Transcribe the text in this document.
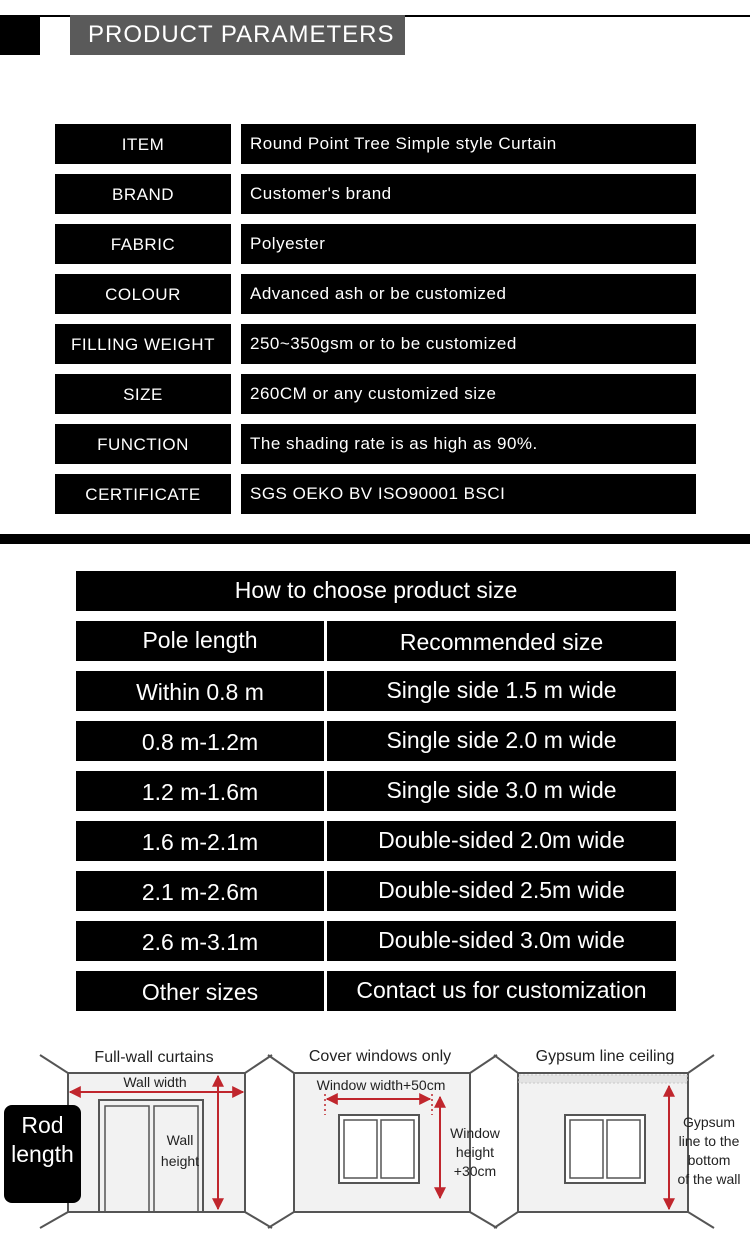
PRODUCT PARAMETERS
ITEM	Round Point Tree Simple style Curtain
BRAND	Customer's brand
FABRIC	Polyester
COLOUR	Advanced ash or be customized
FILLING WEIGHT	250~350gsm or to be customized
SIZE	260CM or any customized size
FUNCTION	The shading rate is as high as 90%.
CERTIFICATE	SGS OEKO BV ISO90001 BSCI
How to choose product size
Pole length	Recommended size
Within 0.8 m	Single side 1.5 m wide
0.8 m-1.2m	Single side 2.0 m wide
1.2 m-1.6m	Single side 3.0 m wide
1.6 m-2.1m	Double-sided 2.0m wide
2.1 m-2.6m	Double-sided 2.5m wide
2.6 m-3.1m	Double-sided 3.0m wide
Other sizes	Contact us for customization
Full-wall curtains
Wall width
Wall
height
Cover windows only
Window width+50cm
Window
height
+30cm
Gypsum line ceiling
Gypsum
line to the
bottom
of the wall
Rod
length
